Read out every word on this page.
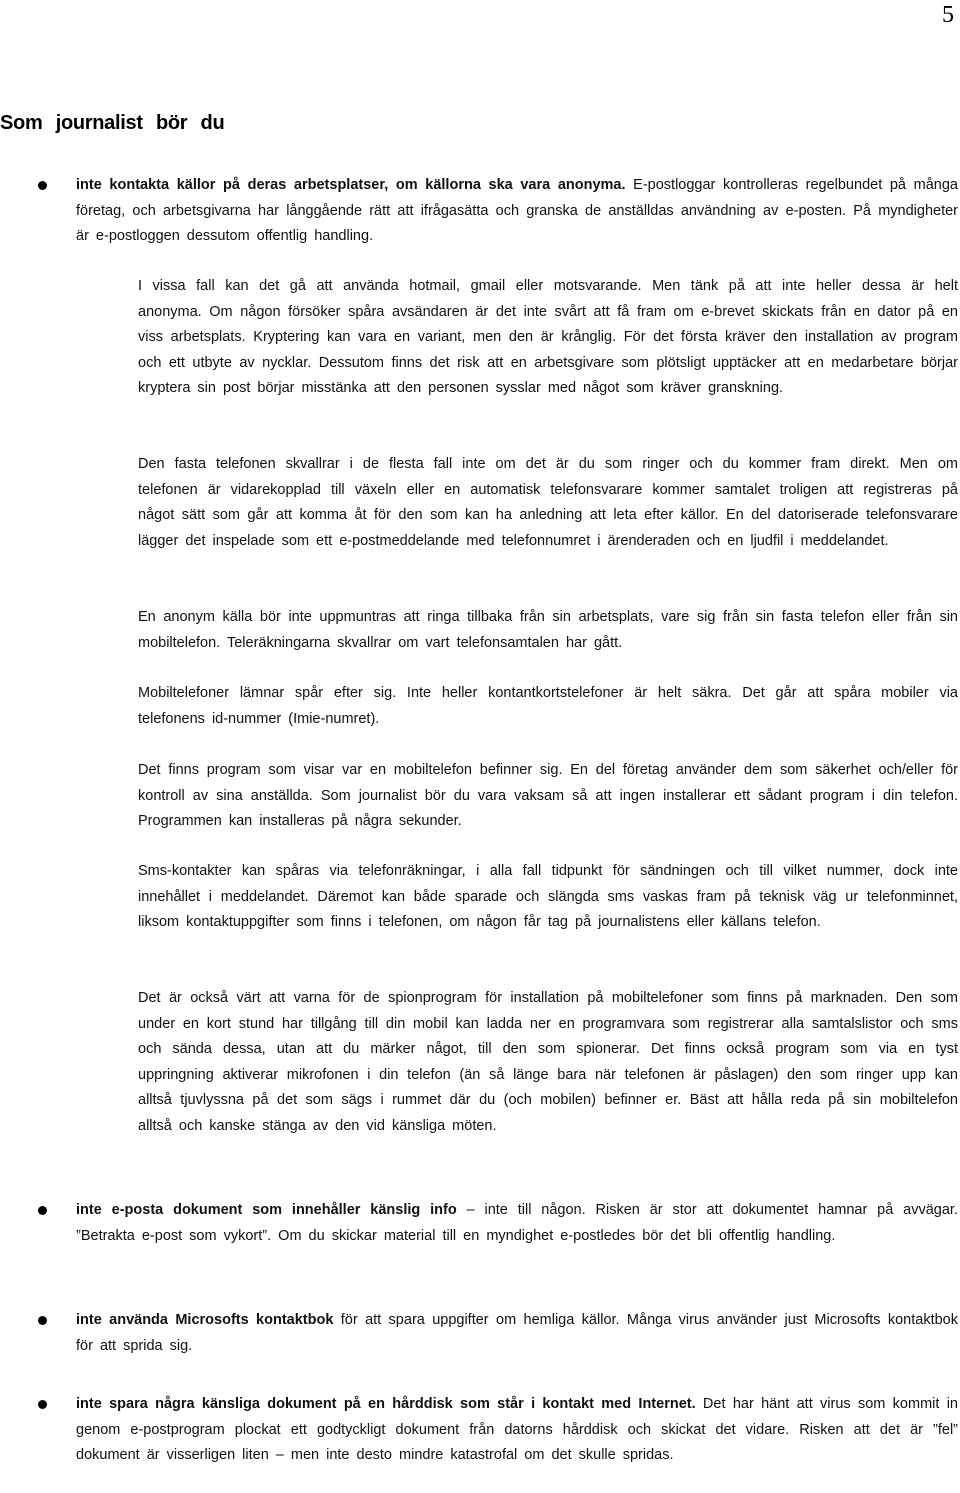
5
Som journalist bör du
inte kontakta källor på deras arbetsplatser, om källorna ska vara anonyma. E-postloggar kontrolleras regelbundet på många företag, och arbetsgivarna har långgående rätt att ifrågasätta och granska de anställdas användning av e-posten. På myndigheter är e-postloggen dessutom offentlig handling.
I vissa fall kan det gå att använda hotmail, gmail eller motsvarande. Men tänk på att inte heller dessa är helt anonyma. Om någon försöker spåra avsändaren är det inte svårt att få fram om e-brevet skickats från en dator på en viss arbetsplats. Kryptering kan vara en variant, men den är krånglig. För det första kräver den installation av program och ett utbyte av nycklar. Dessutom finns det risk att en arbetsgivare som plötsligt upptäcker att en medarbetare börjar kryptera sin post börjar misstänka att den personen sysslar med något som kräver granskning.
Den fasta telefonen skvallrar i de flesta fall inte om det är du som ringer och du kommer fram direkt. Men om telefonen är vidarekopplad till växeln eller en automatisk telefonsvarare kommer samtalet troligen att registreras på något sätt som går att komma åt för den som kan ha anledning att leta efter källor. En del datoriserade telefonsvarare lägger det inspelade som ett e-postmeddelande med telefonnumret i ärenderaden och en ljudfil i meddelandet.
En anonym källa bör inte uppmuntras att ringa tillbaka från sin arbetsplats, vare sig från sin fasta telefon eller från sin mobiltelefon. Teleräkningarna skvallrar om vart telefonsamtalen har gått.
Mobiltelefoner lämnar spår efter sig. Inte heller kontantkortstelefoner är helt säkra. Det går att spåra mobiler via telefonens id-nummer (Imie-numret).
Det finns program som visar var en mobiltelefon befinner sig. En del företag använder dem som säkerhet och/eller för kontroll av sina anställda. Som journalist bör du vara vaksam så att ingen installerar ett sådant program i din telefon. Programmen kan installeras på några sekunder.
Sms-kontakter kan spåras via telefonräkningar, i alla fall tidpunkt för sändningen och till vilket nummer, dock inte innehållet i meddelandet. Däremot kan både sparade och slängda sms vaskas fram på teknisk väg ur telefonminnet, liksom kontaktuppgifter som finns i telefonen, om någon får tag på journalistens eller källans telefon.
Det är också värt att varna för de spionprogram för installation på mobiltelefoner som finns på marknaden. Den som under en kort stund har tillgång till din mobil kan ladda ner en programvara som registrerar alla samtalslistor och sms och sända dessa, utan att du märker något, till den som spionerar. Det finns också program som via en tyst uppringning aktiverar mikrofonen i din telefon (än så länge bara när telefonen är påslagen) den som ringer upp kan alltså tjuvlyssna på det som sägs i rummet där du (och mobilen) befinner er. Bäst att hålla reda på sin mobiltelefon alltså och kanske stänga av den vid känsliga möten.
inte e-posta dokument som innehåller känslig info – inte till någon. Risken är stor att dokumentet hamnar på avvägar. ”Betrakta e-post som vykort”. Om du skickar material till en myndighet e-postledes bör det bli offentlig handling.
inte använda Microsofts kontaktbok för att spara uppgifter om hemliga källor. Många virus använder just Microsofts kontaktbok för att sprida sig.
inte spara några känsliga dokument på en hårddisk som står i kontakt med Internet. Det har hänt att virus som kommit in genom e-postprogram plockat ett godtyckligt dokument från datorns hårddisk och skickat det vidare. Risken att det är ”fel” dokument är visserligen liten – men inte desto mindre katastrofal om det skulle spridas.
